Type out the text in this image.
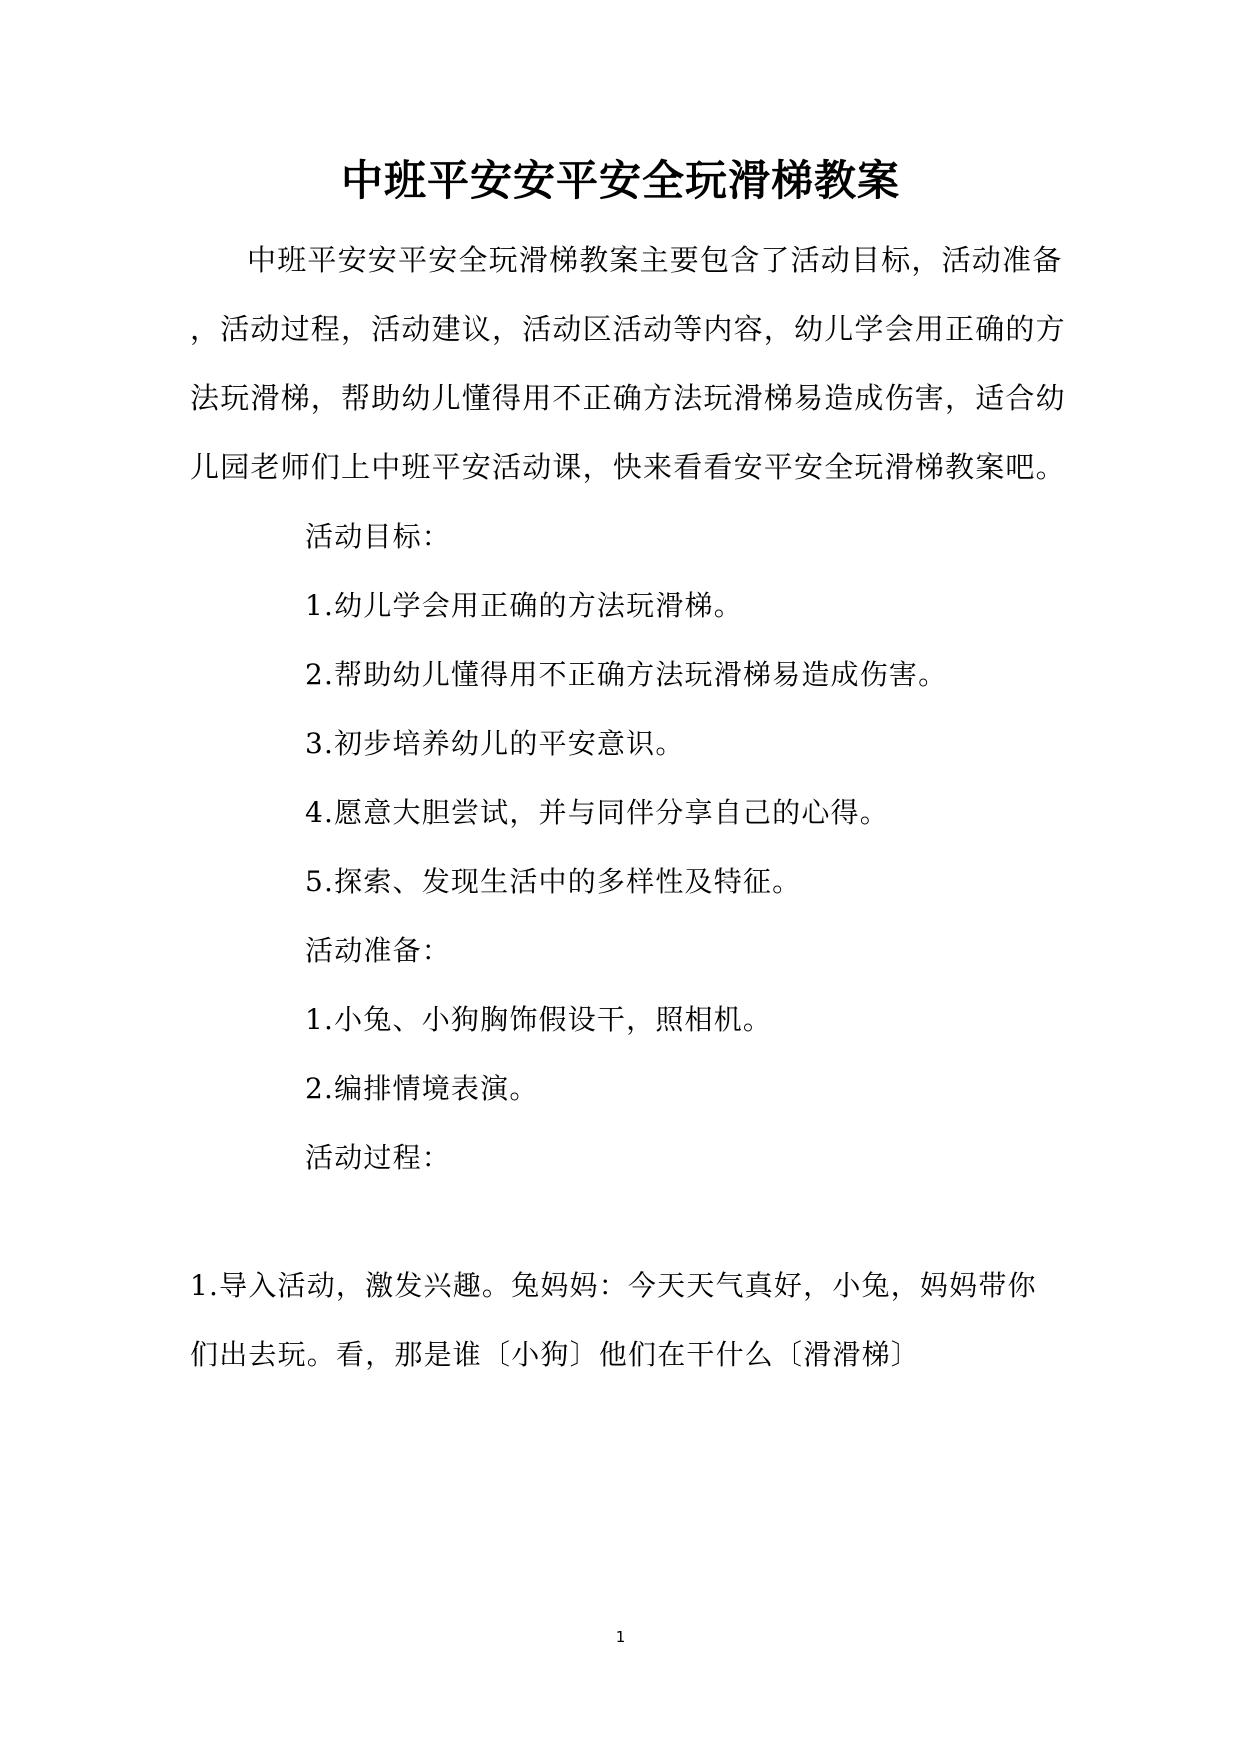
中班平安安平安全玩滑梯教案
中班平安安平安全玩滑梯教案主要包含了活动目标，活动准备
，活动过程，活动建议，活动区活动等内容，幼儿学会用正确的方
法玩滑梯，帮助幼儿懂得用不正确方法玩滑梯易造成伤害，适合幼
儿园老师们上中班平安活动课，快来看看安平安全玩滑梯教案吧。
活动目标：
1.幼儿学会用正确的方法玩滑梯。
2.帮助幼儿懂得用不正确方法玩滑梯易造成伤害。
3.初步培养幼儿的平安意识。
4.愿意大胆尝试，并与同伴分享自己的心得。
5.探索、发现生活中的多样性及特征。
活动准备：
1.小兔、小狗胸饰假设干，照相机。
2.编排情境表演。
活动过程：
1.导入活动，激发兴趣。兔妈妈：今天天气真好，小兔，妈妈带你
们出去玩。看，那是谁〔小狗〕他们在干什么〔滑滑梯〕
1
